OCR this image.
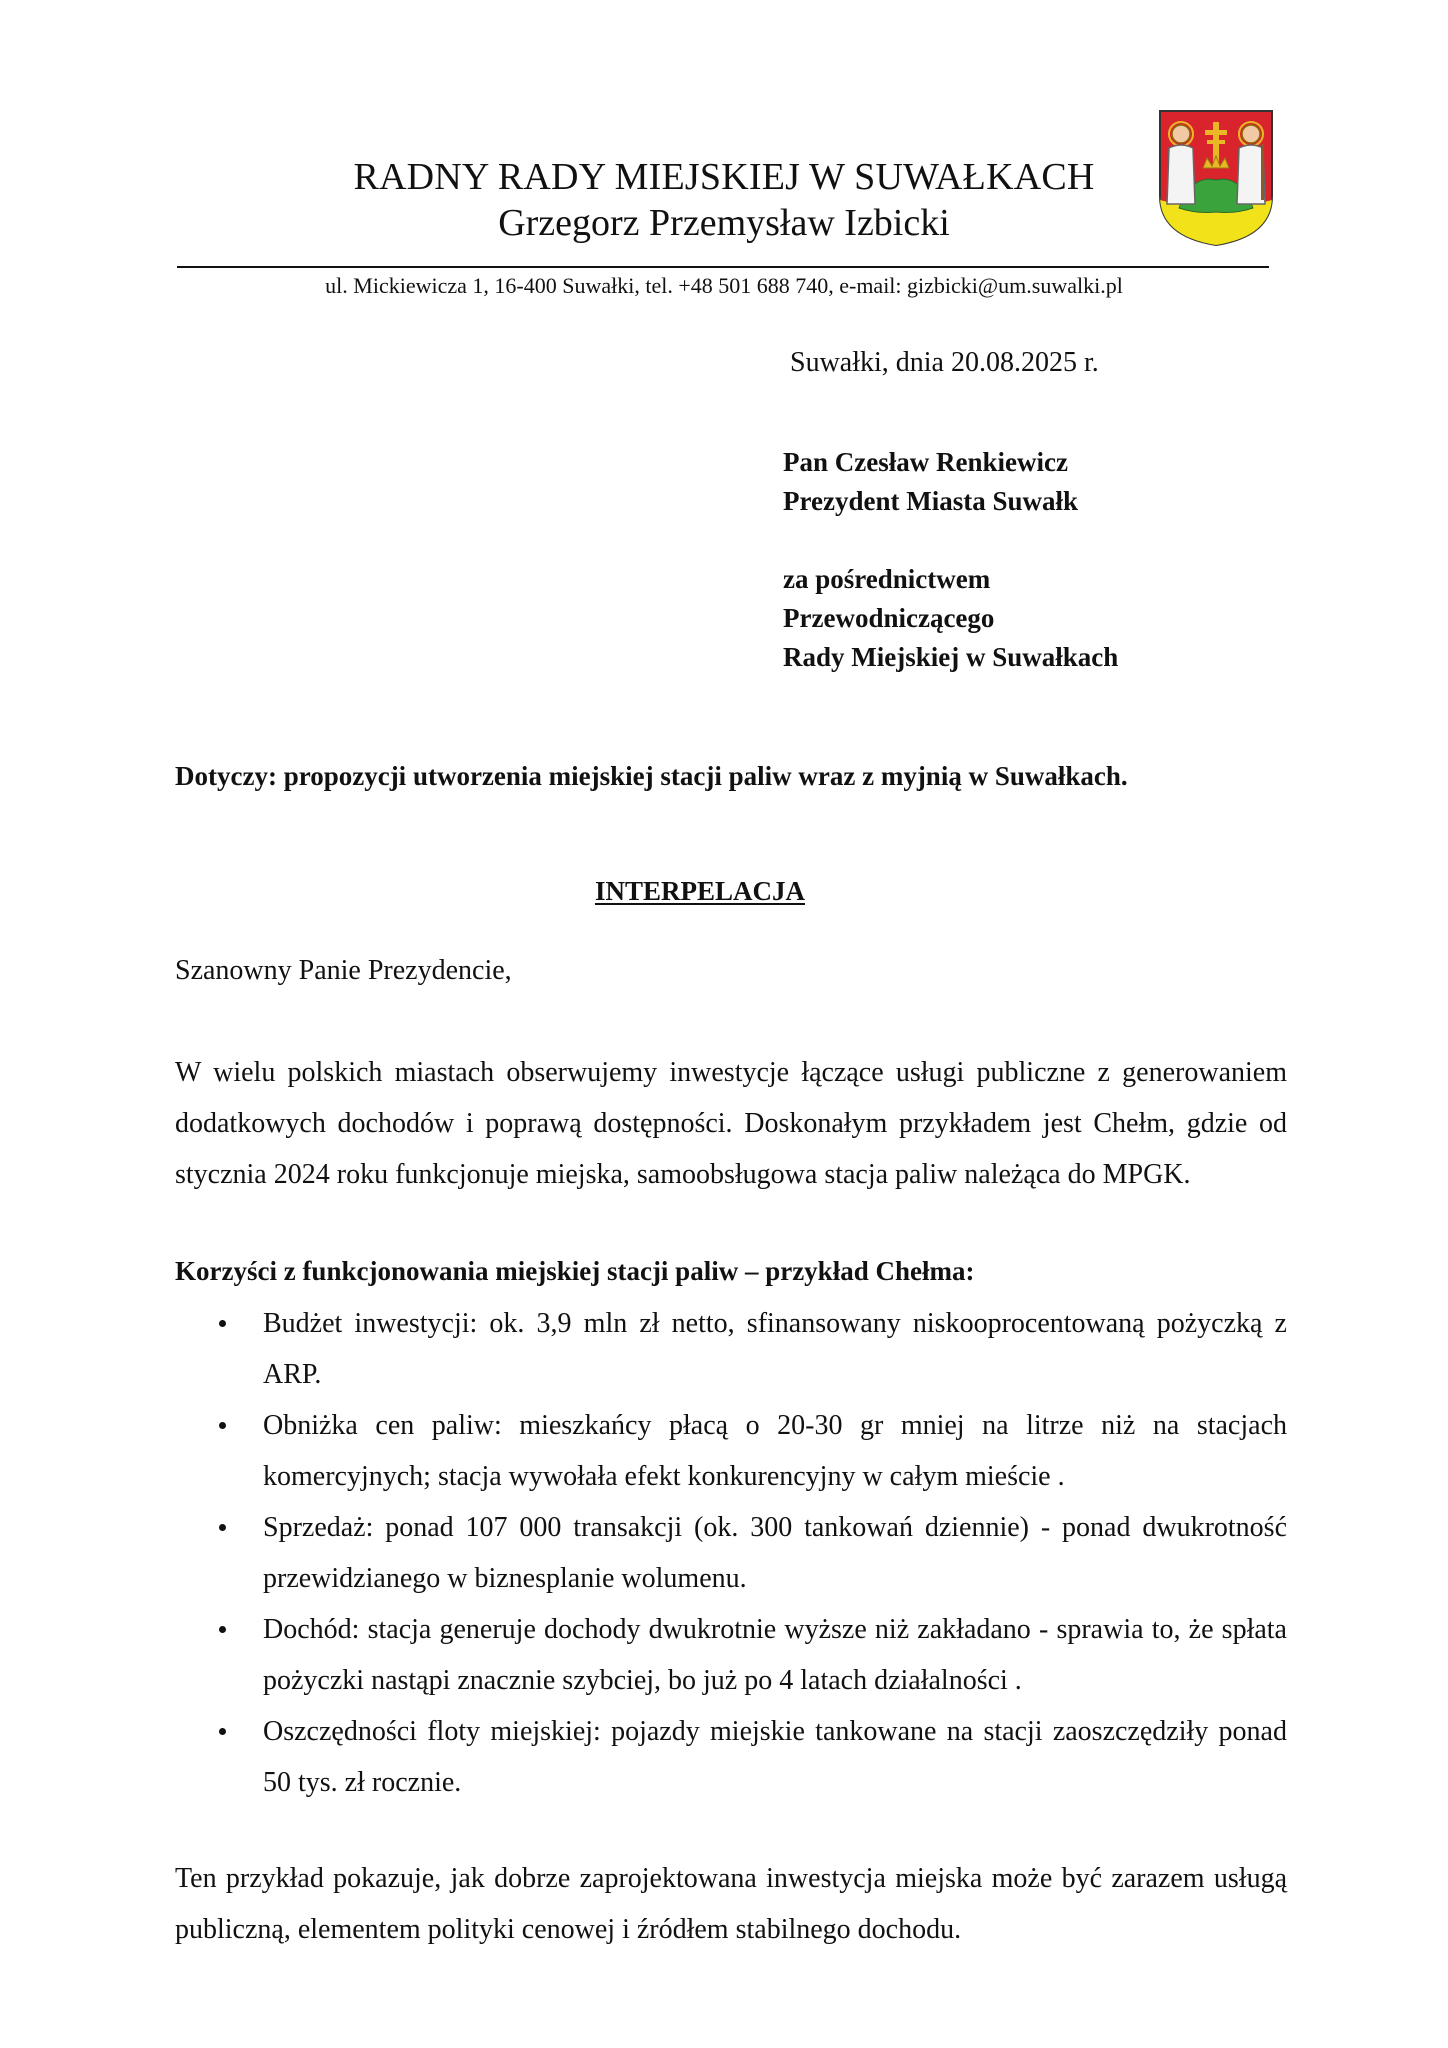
RADNY RADY MIEJSKIEJ W SUWAŁKACH
Grzegorz Przemysław Izbicki
ul. Mickiewicza 1, 16-400 Suwałki, tel. +48 501 688 740, e-mail: gizbicki@um.suwalki.pl
Suwałki, dnia 20.08.2025 r.
Pan Czesław Renkiewicz
Prezydent Miasta Suwałk
za pośrednictwem
Przewodniczącego
Rady Miejskiej w Suwałkach
Dotyczy: propozycji utworzenia miejskiej stacji paliw wraz z myjnią w Suwałkach.
INTERPELACJA
Szanowny Panie Prezydencie,
W wielu polskich miastach obserwujemy inwestycje łączące usługi publiczne z generowaniem dodatkowych dochodów i poprawą dostępności. Doskonałym przykładem jest Chełm, gdzie od stycznia 2024 roku funkcjonuje miejska, samoobsługowa stacja paliw należąca do MPGK.
Korzyści z funkcjonowania miejskiej stacji paliw – przykład Chełma:
Budżet inwestycji: ok. 3,9 mln zł netto, sfinansowany niskooprocentowaną pożyczką z ARP.
Obniżka cen paliw: mieszkańcy płacą o 20-30 gr mniej na litrze niż na stacjach komercyjnych; stacja wywołała efekt konkurencyjny w całym mieście .
Sprzedaż: ponad 107 000 transakcji (ok. 300 tankowań dziennie) - ponad dwukrotność przewidzianego w biznesplanie wolumenu.
Dochód: stacja generuje dochody dwukrotnie wyższe niż zakładano - sprawia to, że spłata pożyczki nastąpi znacznie szybciej, bo już po 4 latach działalności .
Oszczędności floty miejskiej: pojazdy miejskie tankowane na stacji zaoszczędziły ponad 50 tys. zł rocznie.
Ten przykład pokazuje, jak dobrze zaprojektowana inwestycja miejska może być zarazem usługą publiczną, elementem polityki cenowej i źródłem stabilnego dochodu.
